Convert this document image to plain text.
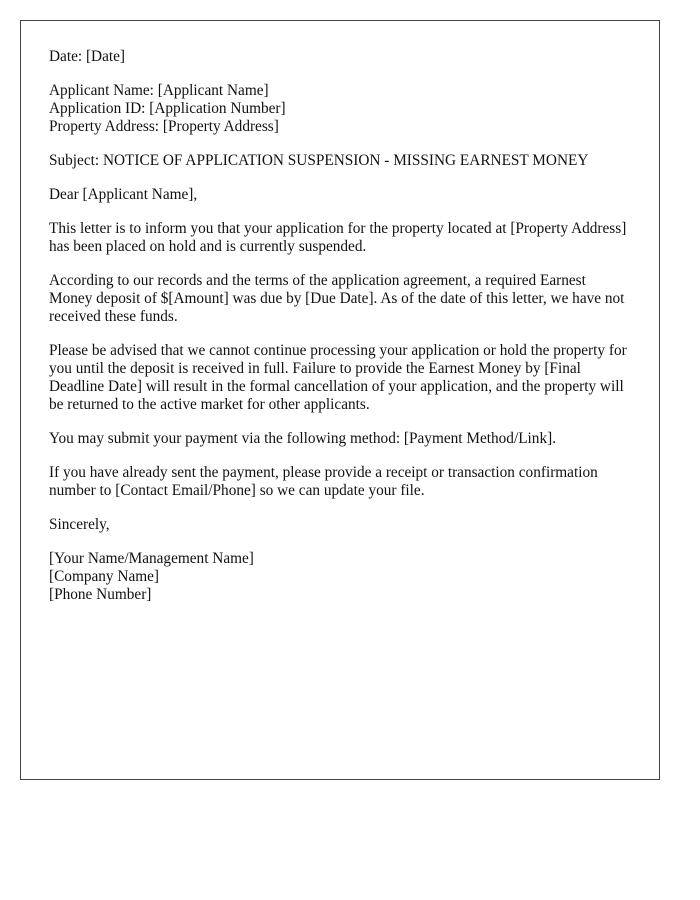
Date: [Date]

Applicant Name: [Applicant Name]
Application ID: [Application Number]
Property Address: [Property Address]

Subject: NOTICE OF APPLICATION SUSPENSION - MISSING EARNEST MONEY

Dear [Applicant Name],

This letter is to inform you that your application for the property located at [Property Address] has been placed on hold and is currently suspended.

According to our records and the terms of the application agreement, a required Earnest Money deposit of $[Amount] was due by [Due Date]. As of the date of this letter, we have not received these funds.

Please be advised that we cannot continue processing your application or hold the property for you until the deposit is received in full. Failure to provide the Earnest Money by [Final Deadline Date] will result in the formal cancellation of your application, and the property will be returned to the active market for other applicants.

You may submit your payment via the following method: [Payment Method/Link].

If you have already sent the payment, please provide a receipt or transaction confirmation number to [Contact Email/Phone] so we can update your file.

Sincerely,

[Your Name/Management Name]
[Company Name]
[Phone Number]
